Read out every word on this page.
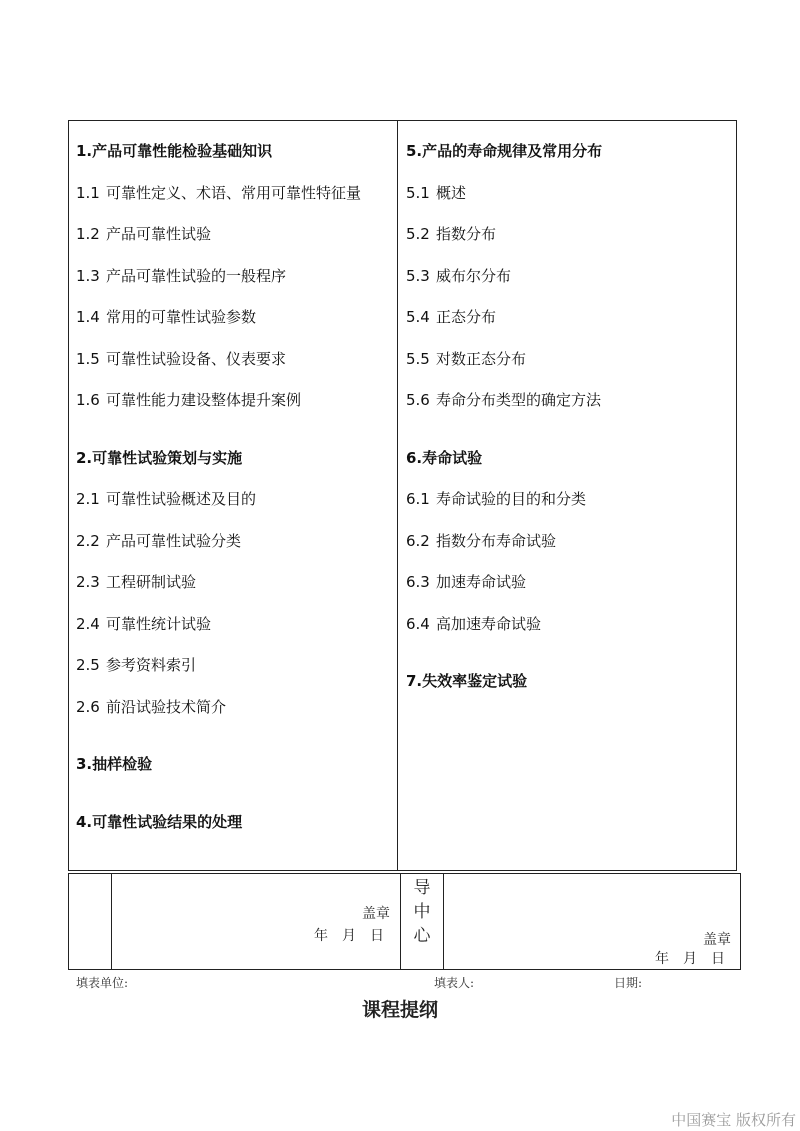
1.产品可靠性能检验基础知识
1.1 可靠性定义、术语、常用可靠性特征量
1.2 产品可靠性试验
1.3 产品可靠性试验的一般程序
1.4 常用的可靠性试验参数
1.5 可靠性试验设备、仪表要求
1.6 可靠性能力建设整体提升案例
2.可靠性试验策划与实施
2.1 可靠性试验概述及目的
2.2 产品可靠性试验分类
2.3 工程研制试验
2.4 可靠性统计试验
2.5 参考资料索引
2.6 前沿试验技术简介
3.抽样检验
4.可靠性试验结果的处理
5.产品的寿命规律及常用分布
5.1 概述
5.2 指数分布
5.3 威布尔分布
5.4 正态分布
5.5 对数正态分布
5.6 寿命分布类型的确定方法
6.寿命试验
6.1 寿命试验的目的和分类
6.2 指数分布寿命试验
6.3 加速寿命试验
6.4 高加速寿命试验
7.失效率鉴定试验
盖章
年　月　日
导
中
心	盖章
年　月　日
填表单位:	填表人:	日期:
课程提纲
中国赛宝 版权所有
